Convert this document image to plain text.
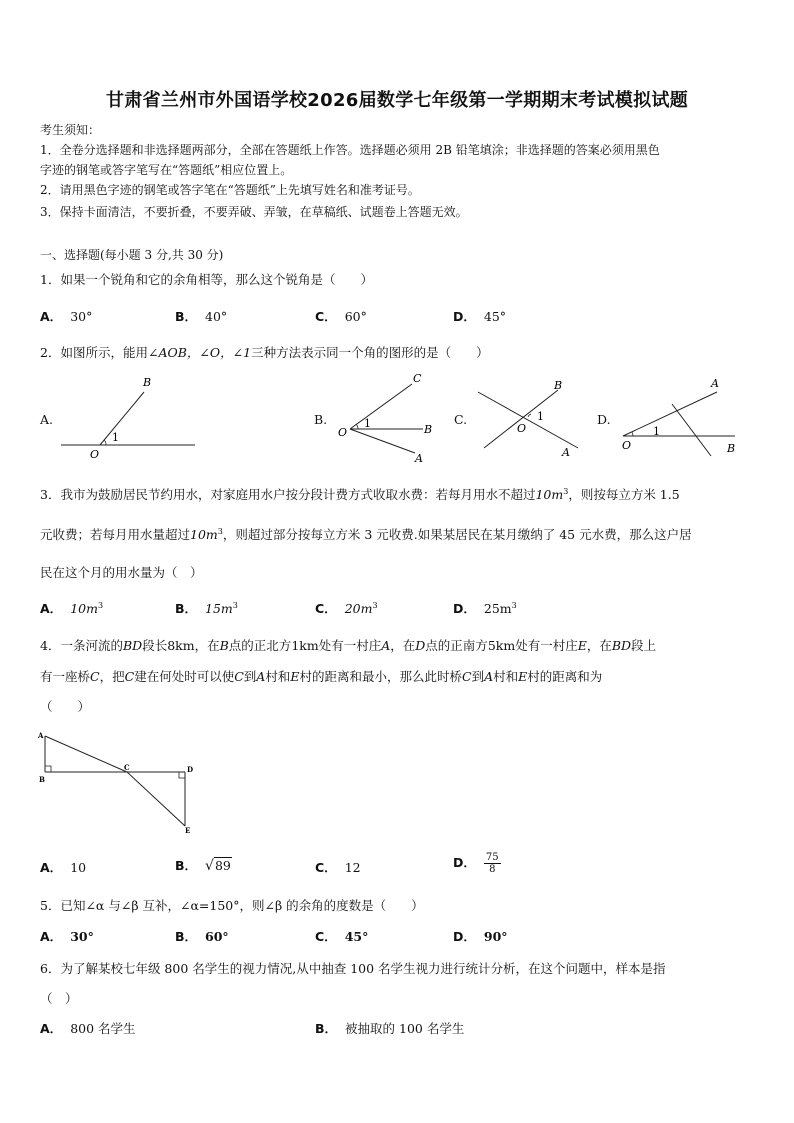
甘肃省兰州市外国语学校2026届数学七年级第一学期期末考试模拟试题
考生须知：
1．全卷分选择题和非选择题两部分，全部在答题纸上作答。选择题必须用 2B 铅笔填涂；非选择题的答案必须用黑色
字迹的钢笔或答字笔写在“答题纸”相应位置上。
2．请用黑色字迹的钢笔或答字笔在“答题纸”上先填写姓名和准考证号。
3．保持卡面清洁，不要折叠，不要弄破、弄皱，在草稿纸、试题卷上答题无效。
一、选择题(每小题 3 分,共 30 分)
1．如果一个锐角和它的余角相等，那么这个锐角是（　　）
A． 30°	B． 40°	C． 60°	D． 45°
2．如图所示，能用∠AOB，∠O，∠1三种方法表示同一个角的图形的是（　　）
A.	B.	C.	D.
1
B
O
1
C
B
A
O
1
B
O
A
1
A
O	B
3．我市为鼓励居民节约用水，对家庭用水户按分段计费方式收取水费：若每月用水不超过$10m^3$，则按每立方米 1.5
元收费；若每月用水量超过$10m^3$，则超过部分按每立方米 3 元收费.如果某居民在某月缴纳了 45 元水费，那么这户居
民在这个月的用水量为（　）
A． $10m^3$	B． $15m^3$	C． $20m^3$	D． $25m^3$
4．一条河流的BD段长8km，在B点的正北方1km处有一村庄A，在D点的正南方5km处有一村庄E，在BD段上
有一座桥C，把C建在何处时可以使C到A村和E村的距离和最小，那么此时桥C到A村和E村的距离和为
（　　）
A
B
C	D
E
A． 10	B． √89	C． 12	D． $\frac{75}{8}$
5．已知∠α 与∠β 互补，∠α=150°，则∠β 的余角的度数是（　　）
A． 30°	B． 60°	C． 45°	D． 90°
6．为了解某校七年级 800 名学生的视力情况,从中抽查 100 名学生视力进行统计分析，在这个问题中，样本是指
（　）
A． 800 名学生	B． 被抽取的 100 名学生
